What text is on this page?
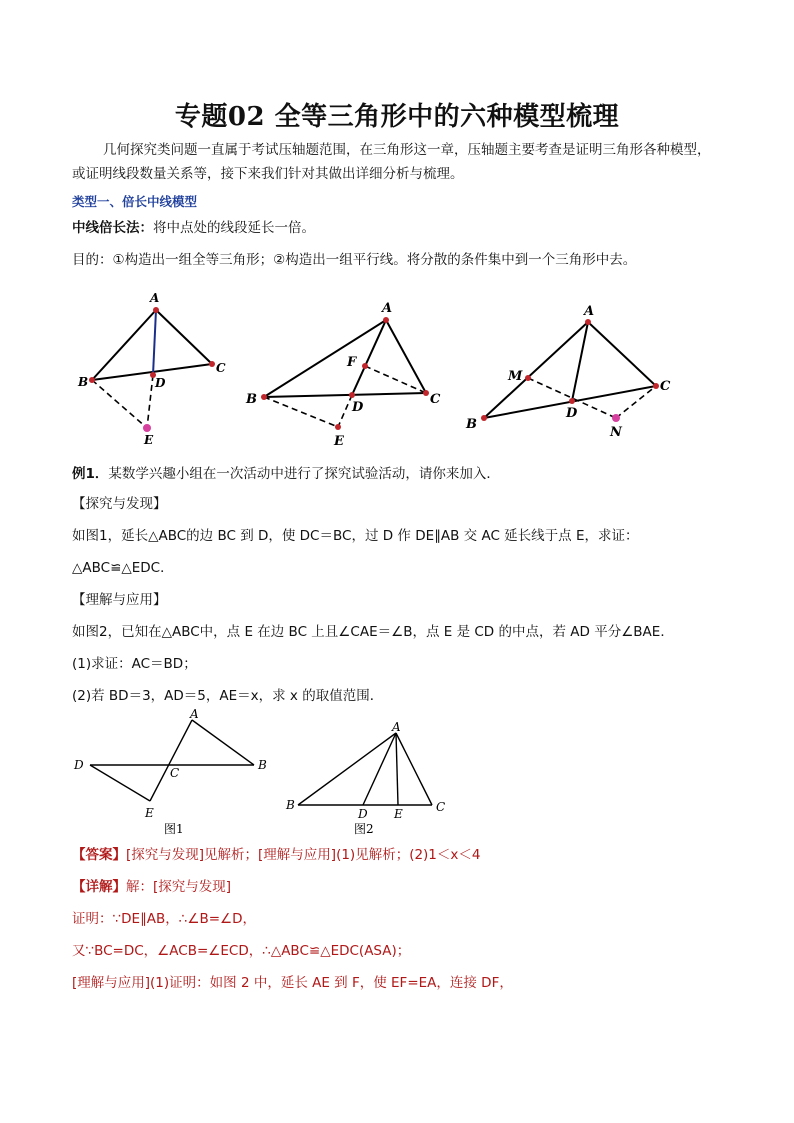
专题02 全等三角形中的六种模型梳理
几何探究类问题一直属于考试压轴题范围，在三角形这一章，压轴题主要考查是证明三角形各种模型，
或证明线段数量关系等，接下来我们针对其做出详细分析与梳理。
类型一、倍长中线模型
中线倍长法：将中点处的线段延长一倍。
目的：①构造出一组全等三角形；②构造出一组平行线。将分散的条件集中到一个三角形中去。
A
B
C
D
E
A
B	C
D
E
F
A
B
C
D
M
N
例1．某数学兴趣小组在一次活动中进行了探究试验活动，请你来加入．
【探究与发现】
如图1，延长△ABC的边 BC 到 D，使 DC＝BC，过 D 作 DE∥AB 交 AC 延长线于点 E，求证：
△ABC≌△EDC．
【理解与应用】
如图2，已知在△ABC中，点 E 在边 BC 上且∠CAE＝∠B，点 E 是 CD 的中点，若 AD 平分∠BAE．
(1)求证：AC＝BD；
(2)若 BD＝3，AD＝5，AE＝x，求 x 的取值范围．
A
B
C
D
E
图1
A
B	C
D E
图2
【答案】[探究与发现]见解析；[理解与应用](1)见解析；(2)1＜x＜4
【详解】解：[探究与发现]
证明：∵DE∥AB，∴∠B=∠D，
又∵BC=DC，∠ACB=∠ECD，∴△ABC≌△EDC(ASA)；
[理解与应用](1)证明：如图 2 中，延长 AE 到 F，使 EF=EA，连接 DF，
